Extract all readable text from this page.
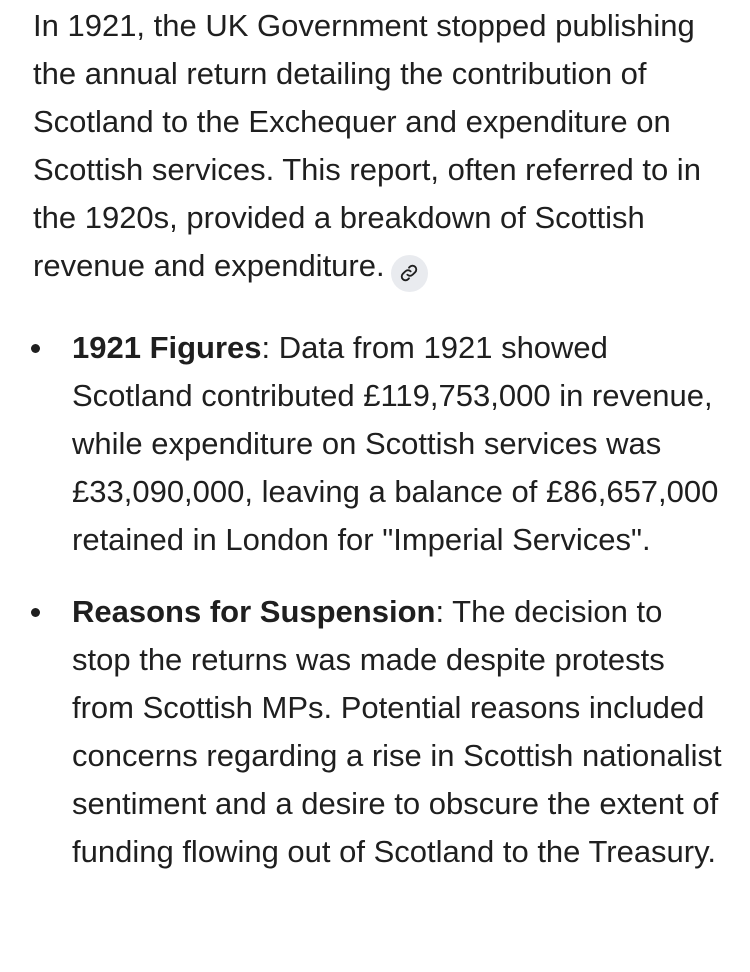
In 1921, the UK Government stopped publishing the annual return detailing the contribution of Scotland to the Exchequer and expenditure on Scottish services. This report, often referred to in the 1920s, provided a breakdown of Scottish revenue and expenditure.

1921 Figures: Data from 1921 showed Scotland contributed £119,753,000 in revenue, while expenditure on Scottish services was £33,090,000, leaving a balance of £86,657,000 retained in London for "Imperial Services".
Reasons for Suspension: The decision to stop the returns was made despite protests from Scottish MPs. Potential reasons included concerns regarding a rise in Scottish nationalist sentiment and a desire to obscure the extent of funding flowing out of Scotland to the Treasury.
